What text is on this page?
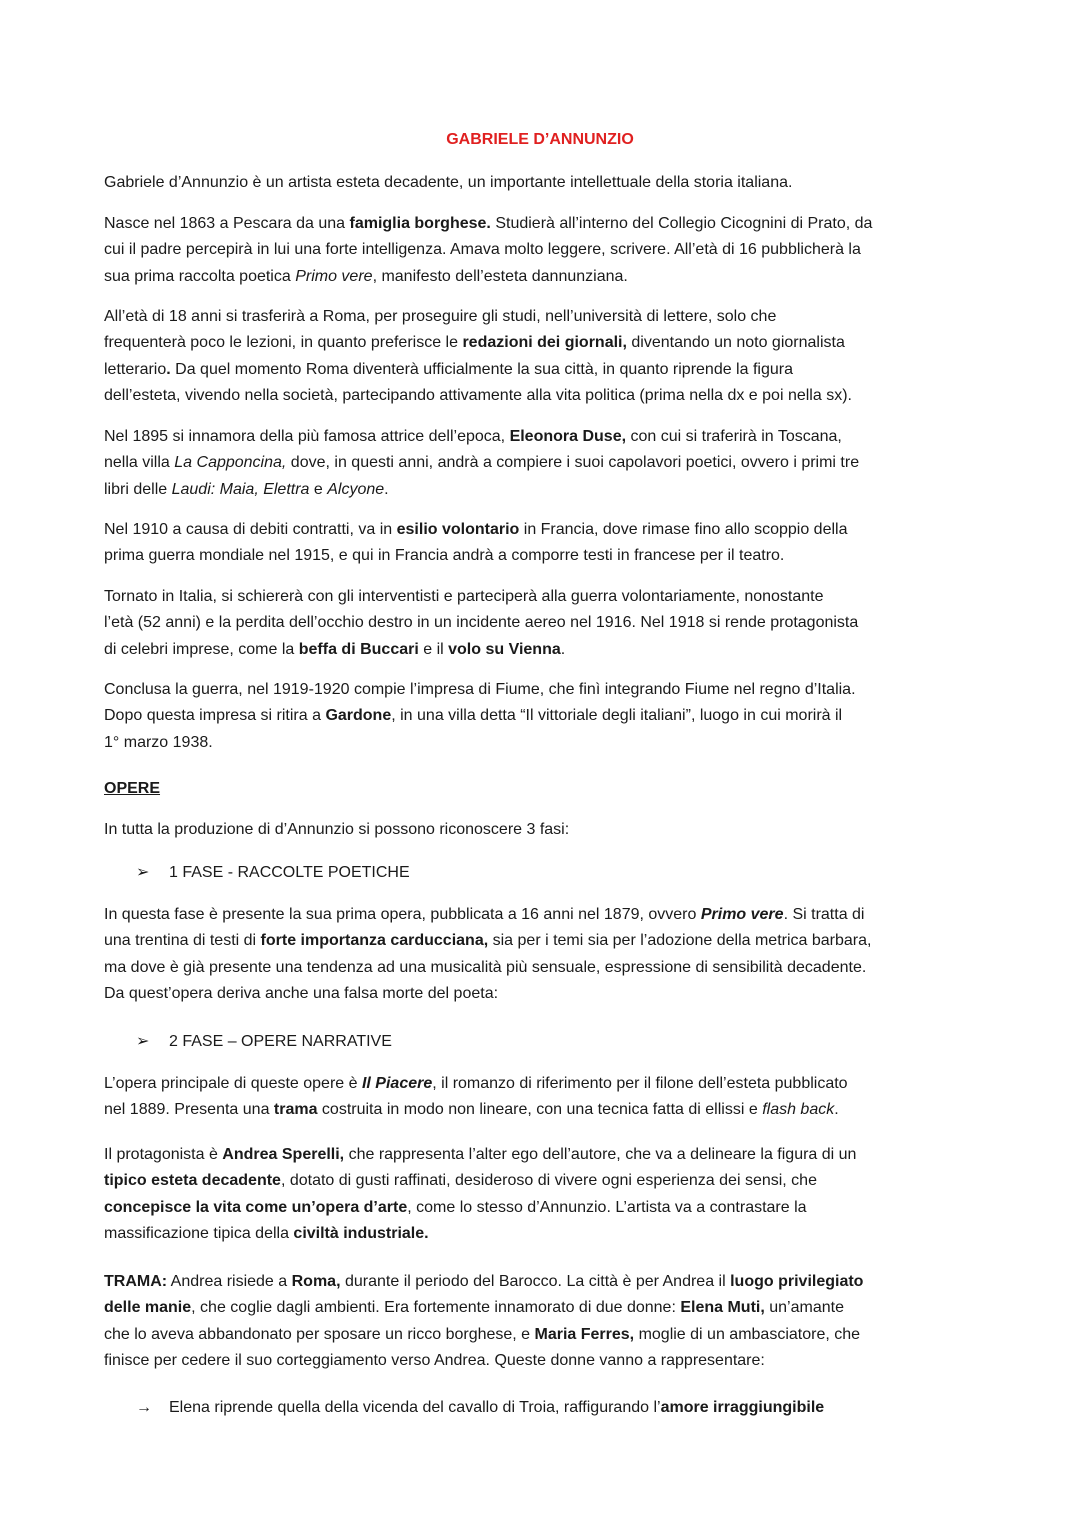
GABRIELE D’ANNUNZIO
Gabriele d’Annunzio è un artista esteta decadente, un importante intellettuale della storia italiana.
Nasce nel 1863 a Pescara da una famiglia borghese. Studierà all’interno del Collegio Cicognini di Prato, da
cui il padre percepirà in lui una forte intelligenza. Amava molto leggere, scrivere. All’età di 16 pubblicherà la
sua prima raccolta poetica Primo vere, manifesto dell’esteta dannunziana.
All’età di 18 anni si trasferirà a Roma, per proseguire gli studi, nell’università di lettere, solo che
frequenterà poco le lezioni, in quanto preferisce le redazioni dei giornali, diventando un noto giornalista
letterario. Da quel momento Roma diventerà ufficialmente la sua città, in quanto riprende la figura
dell’esteta, vivendo nella società, partecipando attivamente alla vita politica (prima nella dx e poi nella sx).
Nel 1895 si innamora della più famosa attrice dell’epoca, Eleonora Duse, con cui si traferirà in Toscana,
nella villa La Capponcina, dove, in questi anni, andrà a compiere i suoi capolavori poetici, ovvero i primi tre
libri delle Laudi: Maia, Elettra e Alcyone.
Nel 1910 a causa di debiti contratti, va in esilio volontario in Francia, dove rimase fino allo scoppio della
prima guerra mondiale nel 1915, e qui in Francia andrà a comporre testi in francese per il teatro.
Tornato in Italia, si schiererà con gli interventisti e parteciperà alla guerra volontariamente, nonostante
l’età (52 anni) e la perdita dell’occhio destro in un incidente aereo nel 1916. Nel 1918 si rende protagonista
di celebri imprese, come la beffa di Buccari e il volo su Vienna.
Conclusa la guerra, nel 1919-1920 compie l’impresa di Fiume, che finì integrando Fiume nel regno d’Italia.
Dopo questa impresa si ritira a Gardone, in una villa detta “Il vittoriale degli italiani”, luogo in cui morirà il
1° marzo 1938.
OPERE
In tutta la produzione di d’Annunzio si possono riconoscere 3 fasi:
➢ 1 FASE - RACCOLTE POETICHE
In questa fase è presente la sua prima opera, pubblicata a 16 anni nel 1879, ovvero Primo vere. Si tratta di
una trentina di testi di forte importanza carducciana, sia per i temi sia per l’adozione della metrica barbara,
ma dove è già presente una tendenza ad una musicalità più sensuale, espressione di sensibilità decadente.
Da quest’opera deriva anche una falsa morte del poeta:
➢ 2 FASE – OPERE NARRATIVE
L’opera principale di queste opere è Il Piacere, il romanzo di riferimento per il filone dell’esteta pubblicato
nel 1889. Presenta una trama costruita in modo non lineare, con una tecnica fatta di ellissi e flash back.
Il protagonista è Andrea Sperelli, che rappresenta l’alter ego dell’autore, che va a delineare la figura di un
tipico esteta decadente, dotato di gusti raffinati, desideroso di vivere ogni esperienza dei sensi, che
concepisce la vita come un’opera d’arte, come lo stesso d’Annunzio. L’artista va a contrastare la
massificazione tipica della civiltà industriale.
TRAMA: Andrea risiede a Roma, durante il periodo del Barocco. La città è per Andrea il luogo privilegiato
delle manie, che coglie dagli ambienti. Era fortemente innamorato di due donne: Elena Muti, un’amante
che lo aveva abbandonato per sposare un ricco borghese, e Maria Ferres, moglie di un ambasciatore, che
finisce per cedere il suo corteggiamento verso Andrea. Queste donne vanno a rappresentare:
→ Elena riprende quella della vicenda del cavallo di Troia, raffigurando l’amore irraggiungibile
